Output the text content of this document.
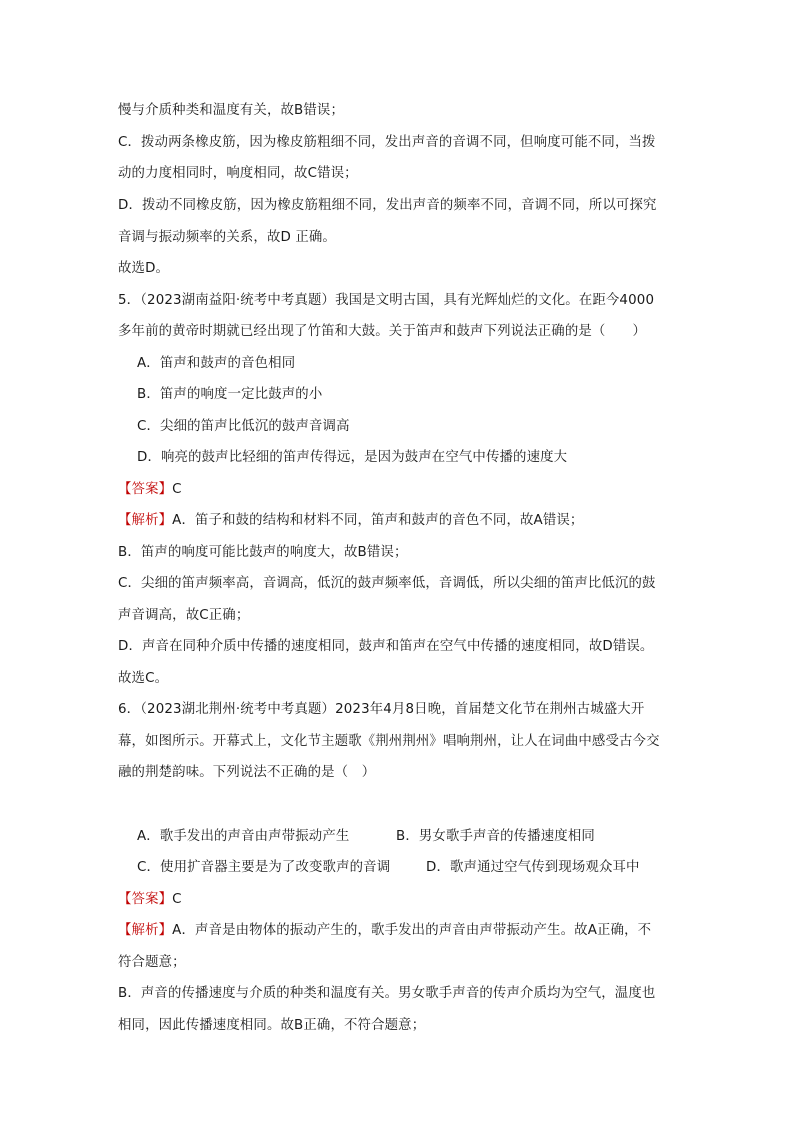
慢与介质种类和温度有关，故B错误；
C．拨动两条橡皮筋，因为橡皮筋粗细不同，发出声音的音调不同，但响度可能不同，当拨
动的力度相同时，响度相同，故C错误；
D．拨动不同橡皮筋，因为橡皮筋粗细不同，发出声音的频率不同，音调不同，所以可探究
音调与振动频率的关系，故D 正确。
故选D。
5．（2023湖南益阳·统考中考真题）我国是文明古国，具有光辉灿烂的文化。在距今4000
多年前的黄帝时期就已经出现了竹笛和大鼓。关于笛声和鼓声下列说法正确的是（　　）
A．笛声和鼓声的音色相同
B．笛声的响度一定比鼓声的小
C．尖细的笛声比低沉的鼓声音调高
D．响亮的鼓声比轻细的笛声传得远，是因为鼓声在空气中传播的速度大
【答案】C
【解析】A．笛子和鼓的结构和材料不同，笛声和鼓声的音色不同，故A错误；
B．笛声的响度可能比鼓声的响度大，故B错误；
C．尖细的笛声频率高，音调高，低沉的鼓声频率低，音调低，所以尖细的笛声比低沉的鼓
声音调高，故C正确；
D．声音在同种介质中传播的速度相同，鼓声和笛声在空气中传播的速度相同，故D错误。
故选C。
6．（2023湖北荆州·统考中考真题）2023年4月8日晚，首届楚文化节在荆州古城盛大开
幕，如图所示。开幕式上，文化节主题歌《荆州荆州》唱响荆州，让人在词曲中感受古今交
融的荆楚韵味。下列说法不正确的是（　）
A．歌手发出的声音由声带振动产生	B．男女歌手声音的传播速度相同
C．使用扩音器主要是为了改变歌声的音调	D．歌声通过空气传到现场观众耳中
【答案】C
【解析】A．声音是由物体的振动产生的，歌手发出的声音由声带振动产生。故A正确，不
符合题意；
B．声音的传播速度与介质的种类和温度有关。男女歌手声音的传声介质均为空气，温度也
相同，因此传播速度相同。故B正确，不符合题意；
